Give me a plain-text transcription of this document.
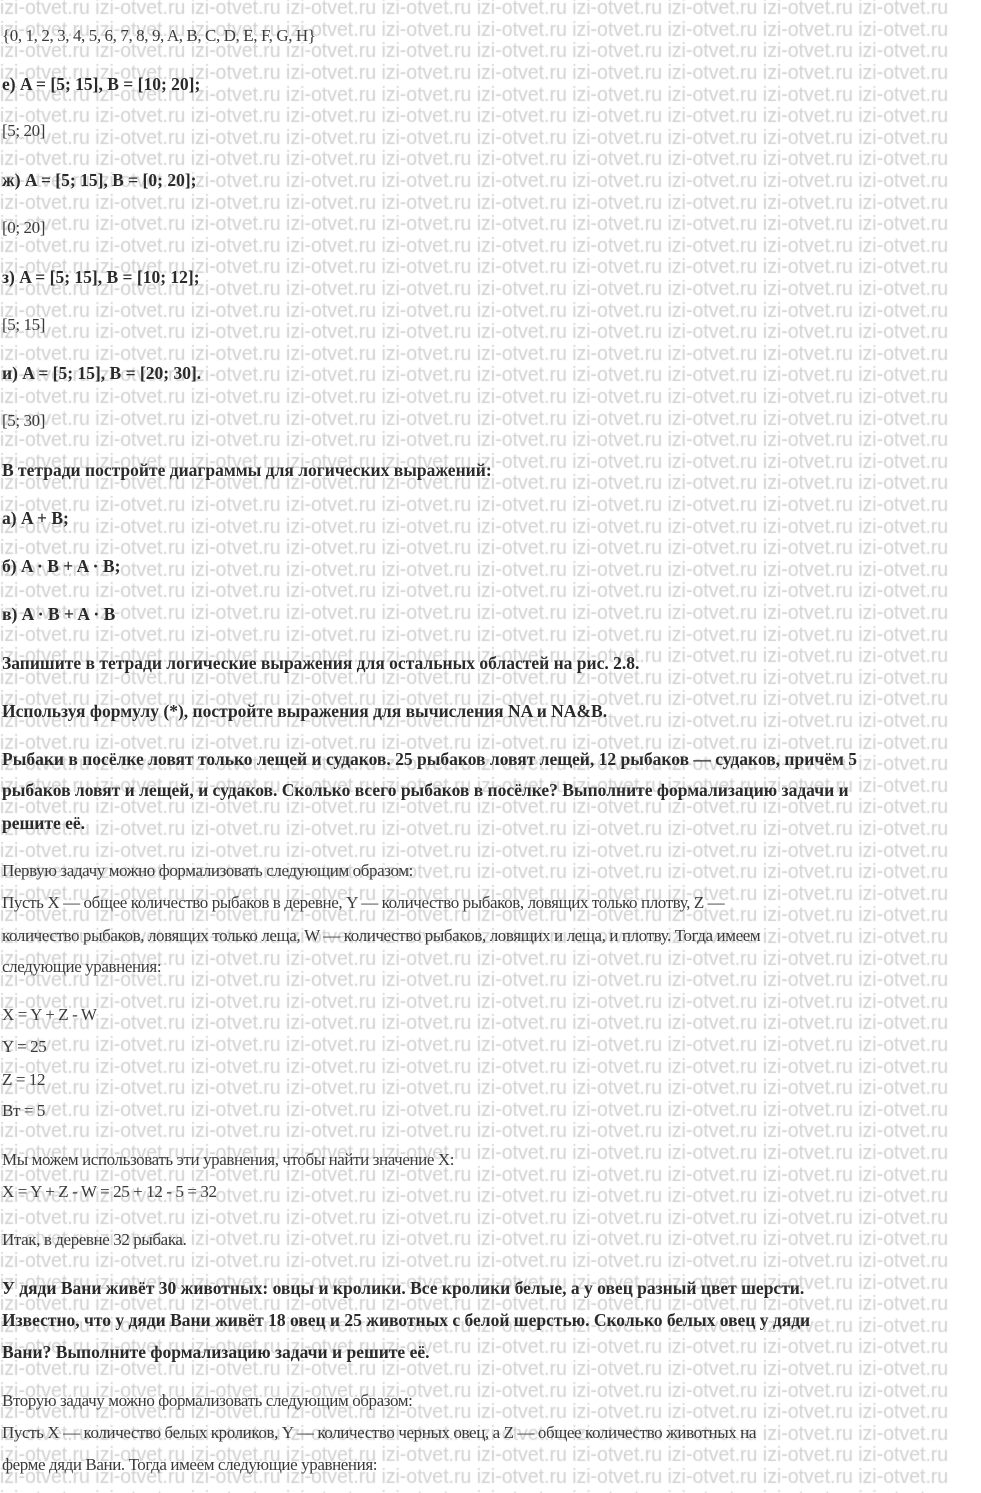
{0, 1, 2, 3, 4, 5, 6, 7, 8, 9, A, B, C, D, E, F, G, H}
е) A = [5; 15], B = [10; 20];
[5; 20]
ж) A = [5; 15], B = [0; 20];
[0; 20]
з) A = [5; 15], B = [10; 12];
[5; 15]
и) A = [5; 15], B = [20; 30].
[5; 30]
В тетради постройте диаграммы для логических выражений:
а) A + B;
б) A · B + A · B;
в) A · B + A · B
Запишите в тетради логические выражения для остальных областей на рис. 2.8.
Используя формулу (*), постройте выражения для вычисления NA и NA&B.
Рыбаки в посёлке ловят только лещей и судаков. 25 рыбаков ловят лещей, 12 рыбаков — судаков, причём 5
рыбаков ловят и лещей, и судаков. Сколько всего рыбаков в посёлке? Выполните формализацию задачи и
решите её.
Первую задачу можно формализовать следующим образом:
Пусть X — общее количество рыбаков в деревне, Y — количество рыбаков, ловящих только плотву, Z —
количество рыбаков, ловящих только леща, W — количество рыбаков, ловящих и леща, и плотву. Тогда имеем
следующие уравнения:
X = Y + Z - W
Y = 25
Z = 12
Вт = 5
Мы можем использовать эти уравнения, чтобы найти значение X:
X = Y + Z - W = 25 + 12 - 5 = 32
Итак, в деревне 32 рыбака.
У дяди Вани живёт 30 животных: овцы и кролики. Все кролики белые, а у овец разный цвет шерсти.
Известно, что у дяди Вани живёт 18 овец и 25 животных с белой шерстью. Сколько белых овец у дяди
Вани? Выполните формализацию задачи и решите её.
Вторую задачу можно формализовать следующим образом:
Пусть X — количество белых кроликов, Y — количество черных овец, а Z — общее количество животных на
ферме дяди Вани. Тогда имеем следующие уравнения:
